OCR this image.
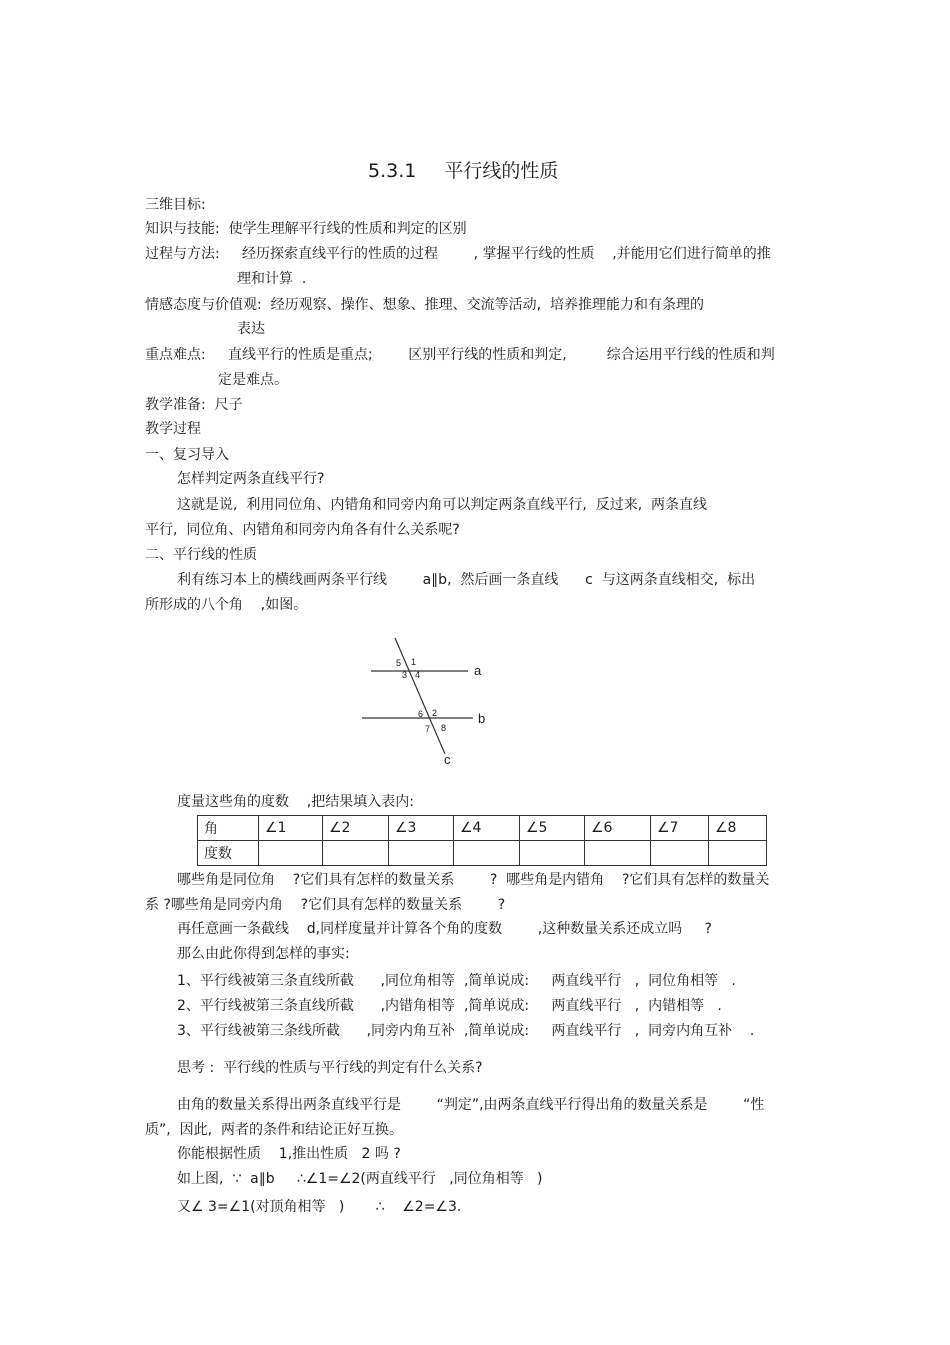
5.3.1 平行线的性质
三维目标:
知识与技能:  使学生理解平行线的性质和判定的区别
过程与方法:     经历探索直线平行的性质的过程        , 掌握平行线的性质    ,并能用它们进行简单的推
理和计算  .
情感态度与价值观:  经历观察、操作、想象、推理、交流等活动,  培养推理能力和有条理的
表达
重点难点:     直线平行的性质是重点;        区别平行线的性质和判定,         综合运用平行线的性质和判
定是难点。
教学准备:  尺子
教学过程
一、复习导入
怎样判定两条直线平行?
这就是说,  利用同位角、内错角和同旁内角可以判定两条直线平行,  反过来,  两条直线
平行,  同位角、内错角和同旁内角各有什么关系呢?
二、平行线的性质
利有练习本上的横线画两条平行线        a∥b,  然后画一条直线      c  与这两条直线相交,  标出
所形成的八个角    ,如图。
a
b
c
5 1
3 4
6 2
7 8
度量这些角的度数    ,把结果填入表内:
角	∠1	∠2	∠3	∠4	∠5	∠6	∠7	∠8
度数								
哪些角是同位角    ?它们具有怎样的数量关系        ?  哪些角是内错角    ?它们具有怎样的数量关
系 ?哪些角是同旁内角    ?它们具有怎样的数量关系        ?
再任意画一条截线    d,同样度量并计算各个角的度数        ,这种数量关系还成立吗     ?
那么由此你得到怎样的事实:
1、平行线被第三条直线所截      ,同位角相等  ,简单说成:     两直线平行   ,  同位角相等   .
2、平行线被第三条直线所截      ,内错角相等  ,简单说成:     两直线平行   ,  内错相等   .
3、平行线被第三条线所截      ,同旁内角互补  ,简单说成:     两直线平行   ,  同旁内角互补    .
思考 :  平行线的性质与平行线的判定有什么关系?
由角的数量关系得出两条直线平行是        “判定”,由两条直线平行得出角的数量关系是        “性
质”,  因此,  两者的条件和结论正好互换。
你能根据性质    1,推出性质   2 吗 ?
如上图,  ∵  a∥b     ∴∠1=∠2(两直线平行   ,同位角相等   )
又∠ 3=∠1(对顶角相等   )       ∴    ∠2=∠3.
